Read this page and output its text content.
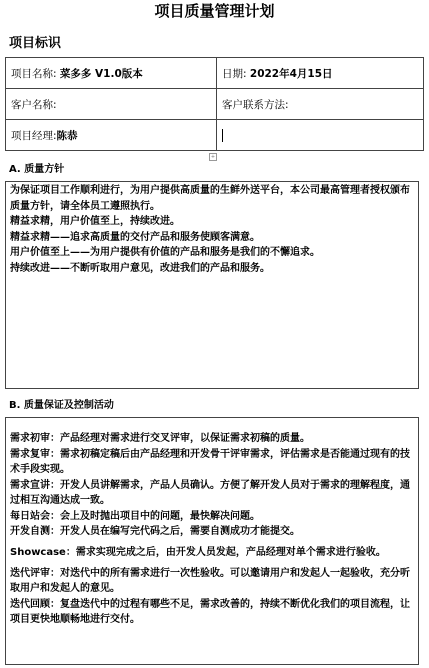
项目质量管理计划
项目标识
项目名称: 菜多多 V1.0版本	日期: 2022年4月15日
客户名称:	客户联系方法:
项目经理:陈恭	
+
A. 质量方针

为保证项目工作顺利进行，为用户提供高质量的生鲜外送平台，本公司最高管理者授权颁布质量方针，请全体员工遵照执行。

精益求精，用户价值至上，持续改进。

精益求精——追求高质量的交付产品和服务使顾客满意。

用户价值至上——为用户提供有价值的产品和服务是我们的不懈追求。

持续改进——不断听取用户意见，改进我们的产品和服务。

B. 质量保证及控制活动

需求初审：产品经理对需求进行交叉评审，以保证需求初稿的质量。

需求复审：需求初稿定稿后由产品经理和开发骨干评审需求，评估需求是否能通过现有的技术手段实现。

需求宣讲：开发人员讲解需求，产品人员确认。方便了解开发人员对于需求的理解程度，通过相互沟通达成一致。

每日站会：会上及时抛出项目中的问题，最快解决问题。

开发自测：开发人员在编写完代码之后，需要自测成功才能提交。

Showcase：需求实现完成之后，由开发人员发起，产品经理对单个需求进行验收。

迭代评审：对迭代中的所有需求进行一次性验收。可以邀请用户和发起人一起验收，充分听取用户和发起人的意见。

迭代回顾：复盘迭代中的过程有哪些不足，需求改善的，持续不断优化我们的项目流程，让项目更快地顺畅地进行交付。
